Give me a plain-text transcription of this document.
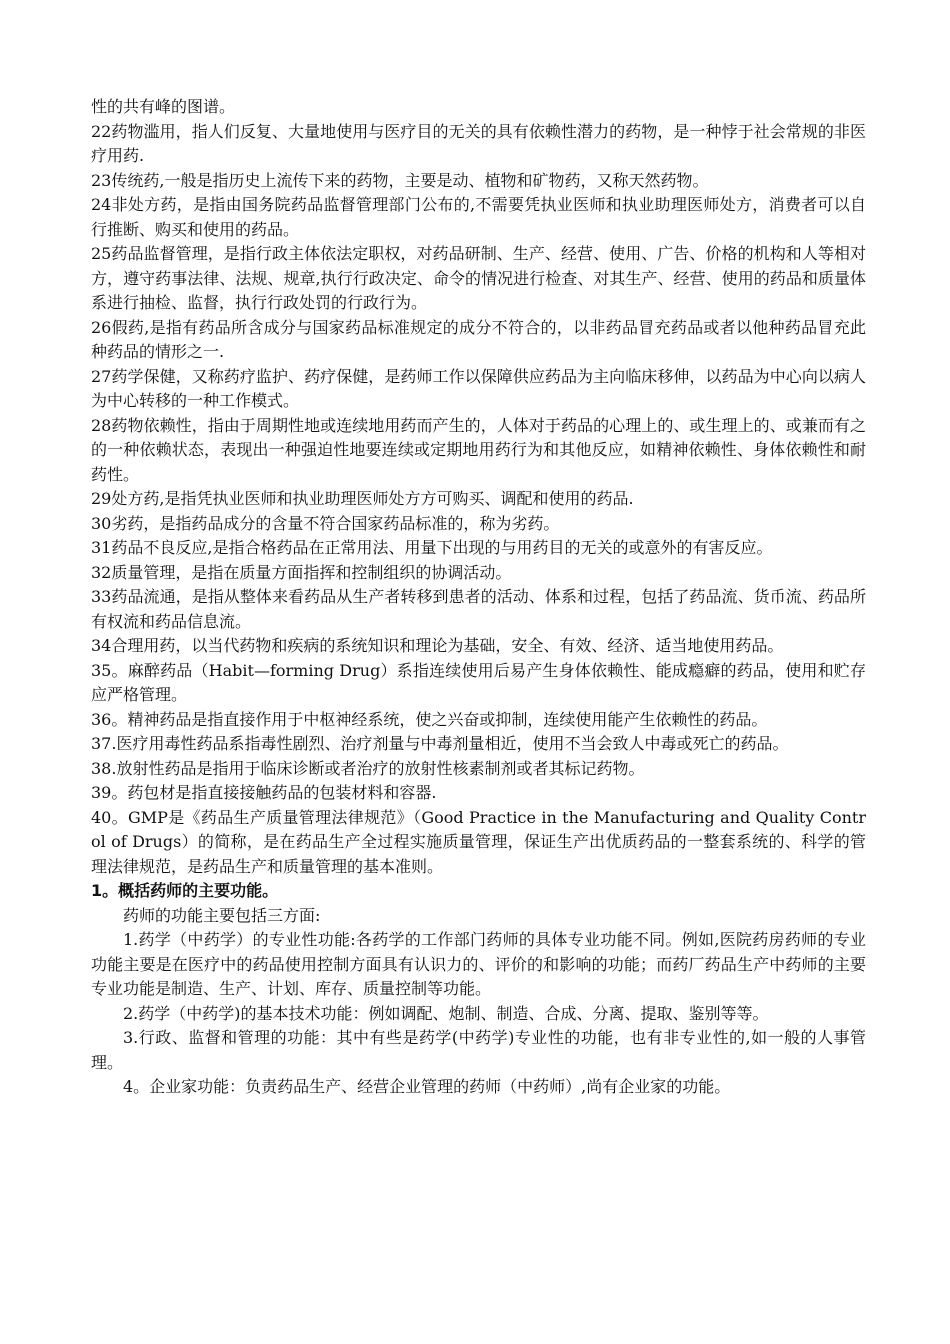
性的共有峰的图谱。

22药物滥用，指人们反复、大量地使用与医疗目的无关的具有依赖性潜力的药物，是一种悖于社会常规的非医疗用药.

23传统药,一般是指历史上流传下来的药物，主要是动、植物和矿物药，又称天然药物。

24非处方药，是指由国务院药品监督管理部门公布的,不需要凭执业医师和执业助理医师处方，消费者可以自行推断、购买和使用的药品。

25药品监督管理，是指行政主体依法定职权，对药品研制、生产、经营、使用、广告、价格的机构和人等相对方，遵守药事法律、法规、规章,执行行政决定、命令的情况进行检查、对其生产、经营、使用的药品和质量体系进行抽检、监督，执行行政处罚的行政行为。

26假药,是指有药品所含成分与国家药品标准规定的成分不符合的，以非药品冒充药品或者以他种药品冒充此种药品的情形之一.

27药学保健，又称药疗监护、药疗保健，是药师工作以保障供应药品为主向临床移伸，以药品为中心向以病人为中心转移的一种工作模式。

28药物依赖性，指由于周期性地或连续地用药而产生的，人体对于药品的心理上的、或生理上的、或兼而有之的一种依赖状态，表现出一种强迫性地要连续或定期地用药行为和其他反应，如精神依赖性、身体依赖性和耐药性。

29处方药,是指凭执业医师和执业助理医师处方方可购买、调配和使用的药品.

30劣药，是指药品成分的含量不符合国家药品标准的，称为劣药。

31药品不良反应,是指合格药品在正常用法、用量下出现的与用药目的无关的或意外的有害反应。

32质量管理，是指在质量方面指挥和控制组织的协调活动。

33药品流通，是指从整体来看药品从生产者转移到患者的活动、体系和过程，包括了药品流、货币流、药品所有权流和药品信息流。

34合理用药，以当代药物和疾病的系统知识和理论为基础，安全、有效、经济、适当地使用药品。

35。麻醉药品（Habit—forming Drug）系指连续使用后易产生身体依赖性、能成瘾癖的药品，使用和贮存应严格管理。

36。精神药品是指直接作用于中枢神经系统，使之兴奋或抑制，连续使用能产生依赖性的药品。

37.医疗用毒性药品系指毒性剧烈、治疗剂量与中毒剂量相近，使用不当会致人中毒或死亡的药品。

38.放射性药品是指用于临床诊断或者治疗的放射性核素制剂或者其标记药物。

39。药包材是指直接接触药品的包装材料和容器.

40。GMP是《药品生产质量管理法律规范》（Good Practice in the Manufacturing and Quality Control of Drugs）的简称，是在药品生产全过程实施质量管理，保证生产出优质药品的一整套系统的、科学的管理法律规范，是药品生产和质量管理的基本准则。

1。概括药师的主要功能。

药师的功能主要包括三方面:

1.药学（中药学）的专业性功能:各药学的工作部门药师的具体专业功能不同。例如,医院药房药师的专业功能主要是在医疗中的药品使用控制方面具有认识力的、评价的和影响的功能；而药厂药品生产中药师的主要专业功能是制造、生产、计划、库存、质量控制等功能。

2.药学（中药学)的基本技术功能：例如调配、炮制、制造、合成、分离、提取、鉴别等等。

3.行政、监督和管理的功能：其中有些是药学(中药学)专业性的功能，也有非专业性的,如一般的人事管理。

4。企业家功能：负责药品生产、经营企业管理的药师（中药师）,尚有企业家的功能。
